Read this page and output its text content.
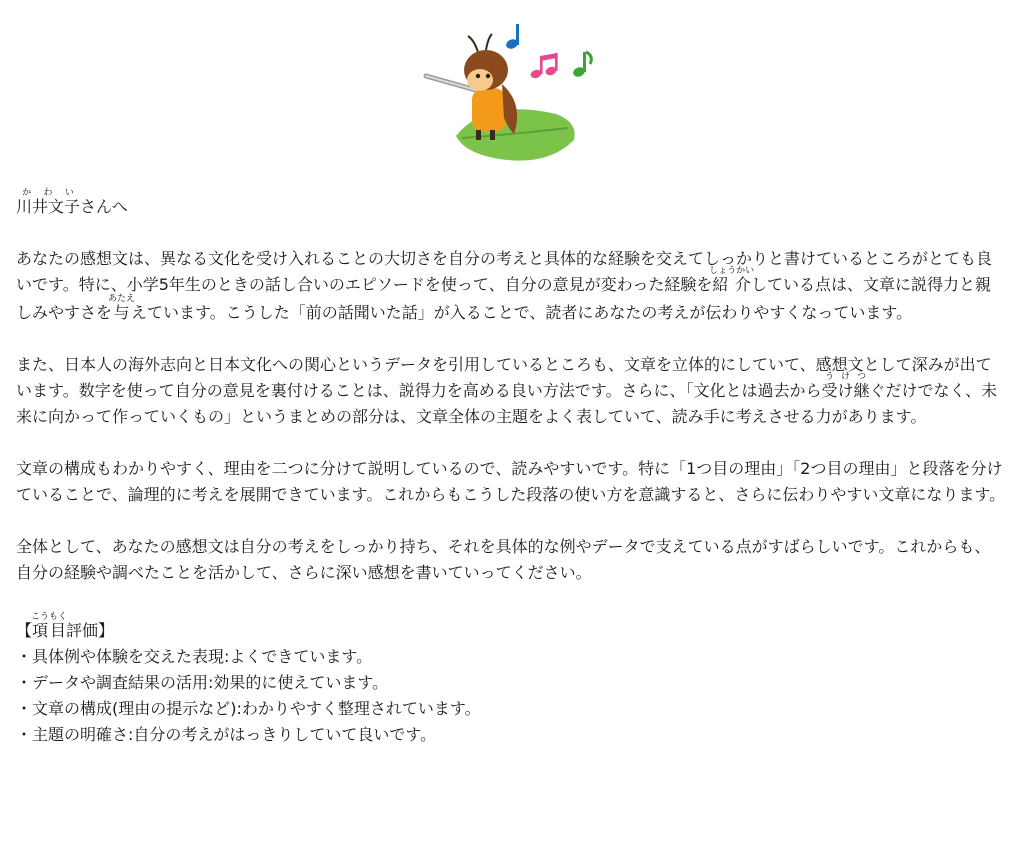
川井文子かわいさんへ

あなたの感想文は、異なる文化を受け入れることの大切さを自分の考えと具体的な経験を交えてしっかりと書けているところがとても良いです。特に、小学5年生のときの話し合いのエピソードを使って、自分の意見が変わった経験を紹介しょうかいしている点は、文章に説得力と親しみやすさを与あたええています。こうした「前の話聞いた話」が入ることで、読者にあなたの考えが伝わりやすくなっています。

また、日本人の海外志向と日本文化への関心というデータを引用しているところも、文章を立体的にしていて、感想文として深みが出ています。数字を使って自分の意見を裏付けることは、説得力を高める良い方法です。さらに、「文化とは過去から受け継うけつぐだけでなく、未来に向かって作っていくもの」というまとめの部分は、文章全体の主題をよく表していて、読み手に考えさせる力があります。

文章の構成もわかりやすく、理由を二つに分けて説明しているので、読みやすいです。特に「1つ目の理由」「2つ目の理由」と段落を分けていることで、論理的に考えを展開できています。これからもこうした段落の使い方を意識すると、さらに伝わりやすい文章になります。

全体として、あなたの感想文は自分の考えをしっかり持ち、それを具体的な例やデータで支えている点がすばらしいです。これからも、自分の経験や調べたことを活かして、さらに深い感想を書いていってください。

【項目こうもく評価】

・具体例や体験を交えた表現:よくできています。
・データや調査結果の活用:効果的に使えています。
・文章の構成(理由の提示など):わかりやすく整理されています。
・主題の明確さ:自分の考えがはっきりしていて良いです。
